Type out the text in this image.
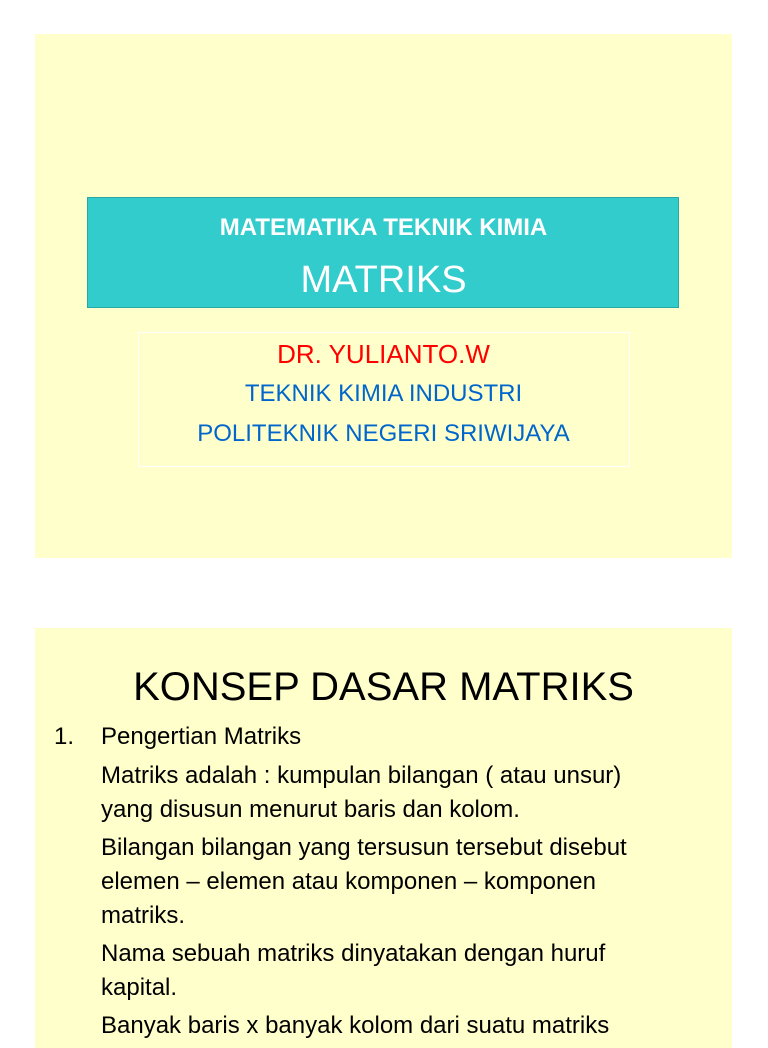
MATEMATIKA TEKNIK KIMIA
MATRIKS
DR. YULIANTO.W
TEKNIK KIMIA INDUSTRI
POLITEKNIK NEGERI SRIWIJAYA
KONSEP DASAR MATRIKS
1. Pengertian Matriks

Matriks adalah : kumpulan bilangan ( atau unsur)

yang disusun menurut baris dan kolom.

Bilangan bilangan yang tersusun tersebut disebut

elemen – elemen atau komponen – komponen

matriks.

Nama sebuah matriks dinyatakan dengan huruf

kapital.

Banyak baris x banyak kolom dari suatu matriks
